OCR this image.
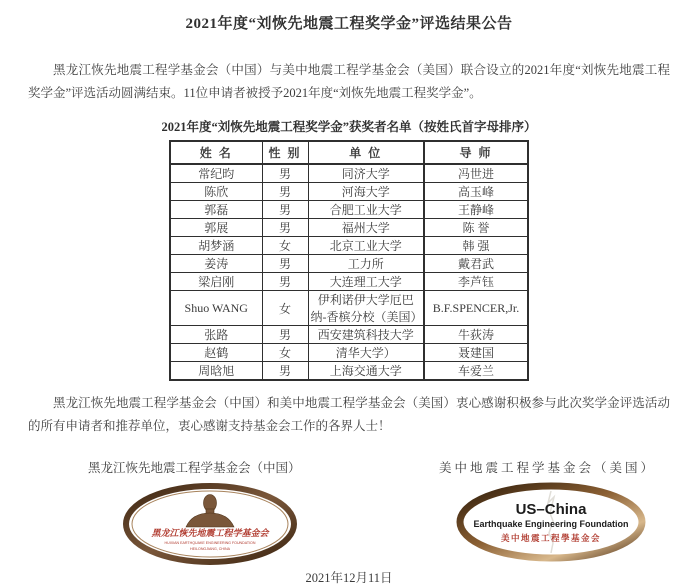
2021年度“刘恢先地震工程奖学金”评选结果公告

黑龙江恢先地震工程学基金会（中国）与美中地震工程学基金会（美国）联合设立的2021年度“刘恢先地震工程奖学金”评选活动圆满结束。11位申请者被授予2021年度“刘恢先地震工程奖学金”。

2021年度“刘恢先地震工程奖学金”获奖者名单（按姓氏首字母排序）
姓 名	性 别	单 位	导 师
常纪昀	男	同济大学	冯世进
陈欣	男	河海大学	高玉峰
郭磊	男	合肥工业大学	王静峰
郭展	男	福州大学	陈 誉
胡梦涵	女	北京工业大学	韩 强
姜涛	男	工力所	戴君武
梁启刚	男	大连理工大学	李芦钰
Shuo WANG	女	伊利诺伊大学厄巴纳-香槟分校（美国）	B.F.SPENCER,Jr.
张路	男	西安建筑科技大学	牛荻涛
赵鹤	女	清华大学）	聂建国
周晗旭	男	上海交通大学	车爱兰

黑龙江恢先地震工程学基金会（中国）和美中地震工程学基金会（美国）衷心感谢积极参与此次奖学金评选活动的所有申请者和推荐单位，衷心感谢支持基金会工作的各界人士！

黑龙江恢先地震工程学基金会（中国）	美中地震工程学基金会（美国）
黑龙江恢先地震工程学基金会
HUIXIAN EARTHQUAKE ENGINEERING FOUNDATION
HEILONGJIANG, CHINA
US–China
Earthquake Engineering Foundation
美中地震工程學基金会
2021年12月11日
